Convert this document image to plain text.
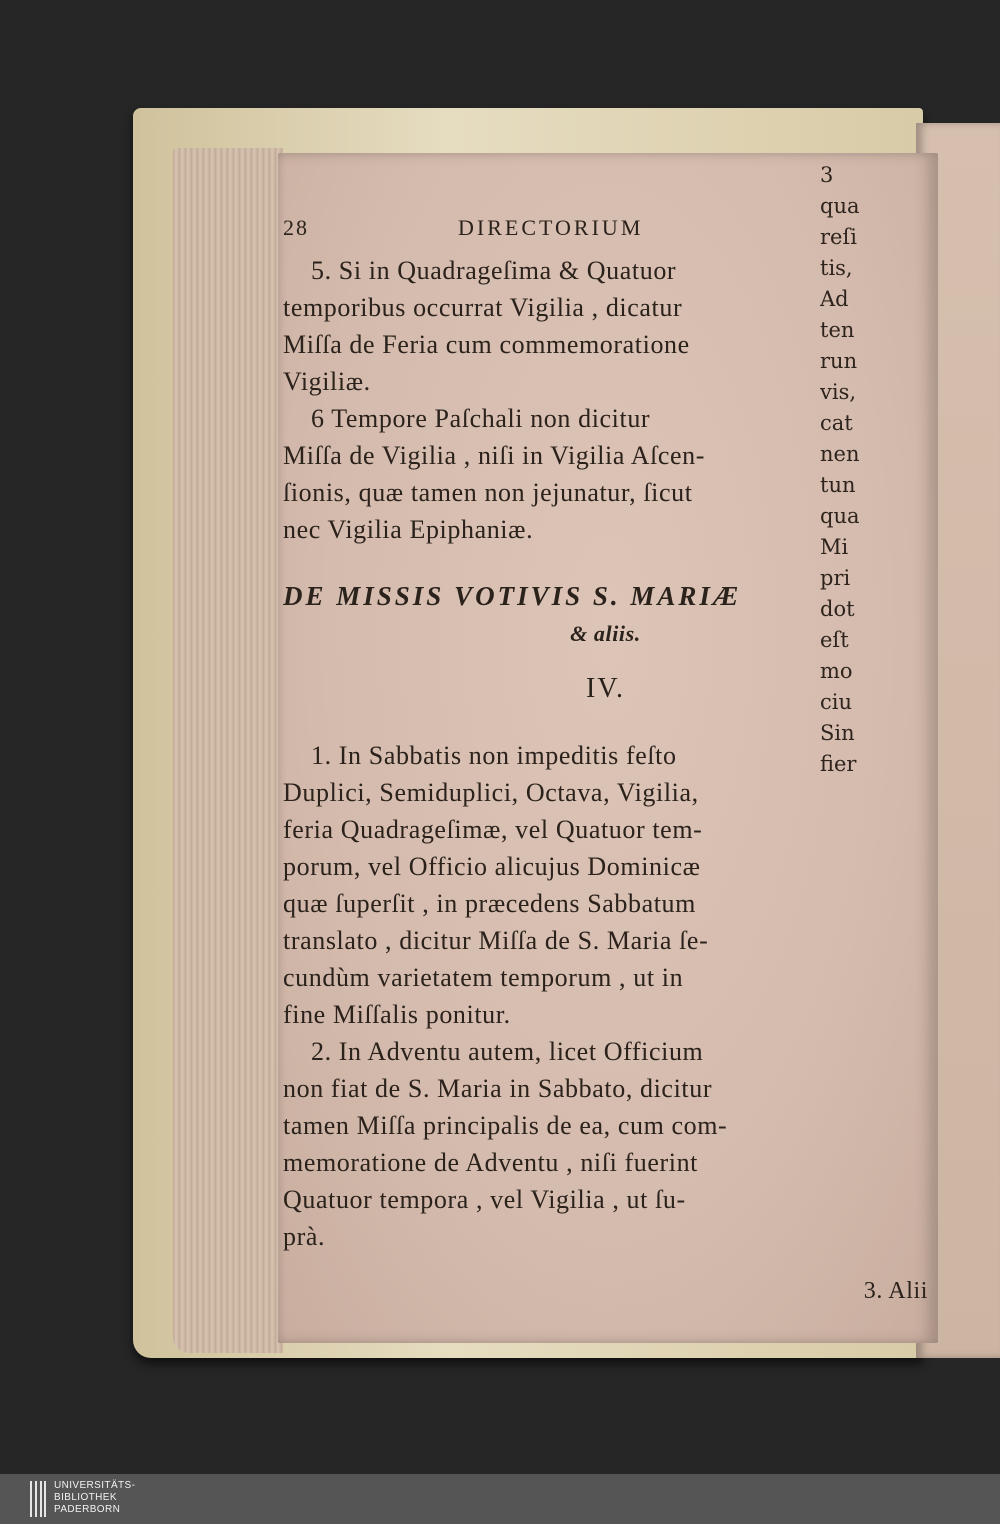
3
qua
reſi
tis,
Ad
ten
run
vis,
cat
nen
tun
qua
Mi
pri
dot
eſt
mo
ciu
Sin
fier
28	DIRECTORIUM
5. Si in Quadrageſima & Quatuor
temporibus occurrat Vigilia , dicatur
Miſſa de Feria cum commemoratione
Vigiliæ.
6 Tempore Paſchali non dicitur
Miſſa de Vigilia , niſi in Vigilia Aſcen-
ſionis, quæ tamen non jejunatur, ſicut
nec Vigilia Epiphaniæ.
DE MISSIS VOTIVIS S. MARIÆ
& aliis.
IV.
1. In Sabbatis non impeditis feſto
Duplici, Semiduplici, Octava, Vigilia,
feria Quadrageſimæ, vel Quatuor tem-
porum, vel Officio alicujus Dominicæ
quæ ſuperſit , in præcedens Sabbatum
translato , dicitur Miſſa de S. Maria ſe-
cundùm varietatem temporum , ut in
fine Miſſalis ponitur.
2. In Adventu autem, licet Officium
non fiat de S. Maria in Sabbato, dicitur
tamen Miſſa principalis de ea, cum com-
memoratione de Adventu , niſi fuerint
Quatuor tempora , vel Vigilia , ut ſu-
prà.
3. Alii
UNIVERSITÄTS-
BIBLIOTHEK
PADERBORN
